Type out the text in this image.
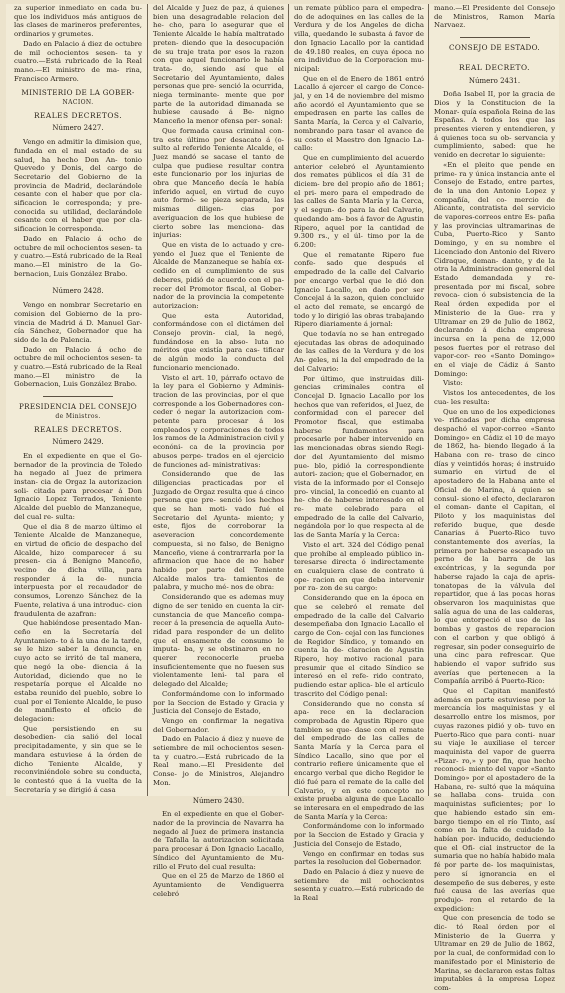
za superior inmediato en cada bu- que los individuos más antiguos de las clases de marineros preferentes, ordinarios y grumetes.

Dado en Palacio á diez de octubre de mil ochocientos sesen- ta y cuatro.—Está rubricado de la Real mano.—El ministro de ma- rina, Francisco Armero.

MINISTERIO DE LA GOBER-
NACION.
REALES DECRETOS.
Número 2427.

Vengo en admitir la dimision que, fundada en el mal estado de su salud, ha hecho Don An- tonio Quevedo y Donis, del cargo de Secretario del Gobierno de la provincia de Madrid, declarándole cesante con el haber que por cla- sificacion le corresponda; y pre- conocida su utilidad, declarándole cesante con el haber que por cla- sificacion le corresponda.

Dado en Palacio á ocho de octubre de mil ochocientos sesen- ta y cuatro.—Está rubricado de la Real mano.—El ministro de la Go- bernacion, Luis González Brabo.

Número 2428.

Vengo en nombrar Secretario en comision del Gobierno de la pro- vincia de Madrid á D. Manuel Gar- cía Sánchez, Gobernador que ha sido de la de Palencia.

Dado en Palacio á ocho de octubre de mil ochocientos sesen- ta y cuatro.—Está rubricado de la Real mano.—El ministro de la Gobernacion, Luis González Brabo.

PRESIDENCIA DEL CONSEJO
de Ministros.
REALES DECRETOS.
Número 2429.

En el expediente en que el Go- bernador de la provincia de Toledo ha negado al Juez de primera instan- cia de Orgaz la autorizacion soli- citada para procesar á Don Ignacio Lopez Terrados, Teniente Alcalde del pueblo de Manzaneque, del cual re- sulta:

Que el dia 8 de marzo último el Teniente Alcalde de Manzaneque, en virtud de oficio de despacho del Alcalde, hizo comparecer á su presen- cia á Benigno Manceño, vecino de dicha villa, para responder á la de- nuncia interpuesta por el recaudador de consumos, Lorenzo Sánchez de la Fuente, relativa á una introduc- cion fraudulenta de azafran:

Que habiéndose presentado Man- ceño en la Secretaría del Ayuntamien- to á la una de la tarde, se le hizo saber la denuncia, en cuyo acto se irritó de tal manera, que negó la obe- diencia á la Autoridad, diciendo que no le respetaría porque el Alcalde no estaba reunido del pueblo, sobre lo cual por el Teniente Alcalde, le puso de manifiesto el oficio de delegacion:

Que persistiendo en su desobedien- cia salió del local precipitadamente, y sin que se le mandara estuviese á la órden de dicho Teniente Alcalde, y reconviniéndole sobre su conducta, le contestó que á la vuelta de la Secretaría y se dirigió á casa

del Alcalde y Juez de paz, á quienes bien una desagradable relacion del he- cho, para lo asegurar que el Teniente Alcalde le había maltratado preten- diendo que la desocupación de su traje trata por esos la razon con que aquel funcionario le había trata- do, siendo así que el Secretario del Ayuntamiento, dales personas que pre- senció la ocurrida, niega terminante- mente que por parte de la autoridad dimanada se hubiese causado á Be- nigno Manceño la menor ofensa per- sonal:

Que formada causa criminal con- tra este último por desacato á (o- sulto al referido Teniente Alcalde, el Juez mandó se sacase el tanto de culpa que pudiese resultar contra este funcionario por los injurias de obra que Manceño decía le había inferido aquel, en virtud de cuyo auto formó- se pieza separada, las mismas diligen- cias por averiguacion de los que hubiese de cierto sobre las menciona- das injurias:

Que en vista de lo actuado y cre- yendo el Juez que el Teniente de Alcalde de Manzaneque se había ex- cedido en el cumplimiento de sus deberes, pidió de acuerdo con el pa- recer del Promotor fiscal, al Gober- nador de la provincia la competente autorizacion:

Que esta Autoridad, conformándose con el dictámen del Consejo provin- cial, la negó, fundándose en la abso- luta no méritos que existía para cas- tificar de algún modo la conducta del funcionario mencionado.

Visto el art. 10, párrafo octavo de la ley para el Gobierno y Adminis- tracion de las provincias, por el que corresponde a los Gobernadores con- ceder ó negar la autorizacion com- petente para procesar á los empleados y corporaciones de todos los ramos de la Administracion civil y econóni- ca de la provincia por abusos perpe- trados en el ejercicio de funciones ad- ministrativas:

Considerando que de las diligencias practicadas por el Juzgado de Orgaz resulta que á cinco persona que pre- senció los hechos que se han moti- vado fué el Secretario del Ayunta- miento; y este, fijos de corroborar la aseveracion concordemente compuesta, si no falso, de Benigno Manceño, viene á contrarrarla por la afirmacion que hace de no haber habido por parte del Teniente Alcalde malos tra- tamientos de palabra, y mucho mé- nos de obra:

Considerando que es ademas muy digno de ser tenido en cuenta la cir- cunstancia de que Manceño compa- recer á la presencia de aquella Auto- ridad para responder de un delito que el ensamente de consumo le imputa- ba, y se obstinaron en no querer reconocerle prueba insuficientemente que no fuesen sus violentamente leni- tal para el delegado del Alcalde;

Conformándome con lo informado por la Seccion de Estado y Gracia y Justicia del Consejo de Estado,

Vengo en confirmar la negativa del Gobernador.

Dado en Palacio á diez y nueve de setiembre de mil ochocientos sesen- ta y cuatro.—Está rubricado de la Real mano.—El Presidente del Conse- jo de Ministros, Alejandro Mon.

Número 2430.

En el expediente en que el Gober- nador de la provincia de Navarra ha negado al Juez de primera instancia de Tafalla la autorizacion solicitada para procesar á Don Ignacio Lacallo, Síndico del Ayuntamiento de Mu- rillo el Fruto del cual resulta:

Que en el 25 de Marzo de 1860 el Ayuntamiento de Vendiguerra celebró

un remate público para el empedra- do de adoquines en las calles de la Verdura y de los Angeles de dicha villa, quedando le subasta á favor de don Ignacio Lacallo por la cantidad de 49.180 reales, en cuya época no era individuo de la Corporacion mu- nicipal:

Que en el de Enero de 1861 entró Lacallo á ejercer el cargo de Conce- jal, y en 14 de noviembre del mismo año acordó el Ayuntamiento que se empedrasen en parte las calles de Santa María, la Cerca y el Calvario, nombrando para tasar el avance de su costo el Maestro don Ignacio La- callo:

Que en cumplimiento del acuerdo anterior celebró el Ayuntamiento dos remates públicos el día 31 de diciem- bre del propio año de 1861; el pri- mero para el empedrado de las calles de Santa María y la Cerca, y el segun- do para la del Calvario, quedando am- bos á favor de Agustin Ripero, aquel por la cantidad de 9.300 rs., y el úl- timo por la de 6.200:

Que el rematante Ripero fue confe- sado que después el empedrado de la calle del Calvario por encargo verbal que le dió don Ignacio Lacallo, en dado por ser Concejal á la sazon, quien concluido el acto del remate, se encargó de todo y lo dirigió las obras trabajando Ripero diariamente á jornal:

Que todavía no se han entregado ejecutadas las obras de adoquinado de las calles de la Verdura y de los An- geles, ni la del empedrado de la del Calvario:

Por último, que instruidas dili- gencias criminales contra el Concejal D. Ignacio Lacallo por los hechos que van referidos, el Juez, de conformidad con el parecer del Promotor fiscal, que estimaba haberse fundamentos para procesarle por haber intervenido en las mencionadas obras siendo Regi- dor del Ayuntamiento del mismo pue- blo, pidió la correspondiente autori- zacion; que el Gobernador, en vista de la informado por el Consejo pro- vincial, la concedió en cuanto al he- cho de haberse interesado en el re- mate celebrado para el empedrado de la calle del Calvario, negándola por lo que respecta al de las de Santa María y la Cerca:

Visto el art. 324 del Código penal que prohíbe al empleado público in- teresarse directa ó indirectamente en cualquiera clase de contrato ú ope- racion en que deba intervenir por ra- zon de su cargo:

Considerando que en la época en que se celebró el remate del empedrado de la calle del Calvario desempeñaba don Ignacio Lacallo el cargo de Con- cejal con las funciones de Regidor Síndico, y tomando en cuenta la de- claracion de Agustin Ripero, hoy motivo racional para presumir que el citado Síndico se interesó en el refe- rido contrato, pudiendo estar aplica- ble el artículo trascrito del Código penal:

Considerando que no consta sí apa- rece en la declaracion comprobada de Agustin Ripero que tambien se que- dase con el remate del empedrado de las calles de Santa María y la Cerca para el Síndico Lacallo, sino que por el contrario refiere únicamente que el encargo verbal que dicho Regidor le dió fué para el remate de la calle del Calvario, y en este concepto no existe prueba alguna de que Lacallo se interesara en el empedrado de las de Santa María y la Cerca:

Conformándome con lo informado por la Seccion de Estado y Gracia y Justicia del Consejo de Estado,

Vengo en confirmar en todas sus partes la resolucion del Gobernador.

Dado en Palacio á diez y nueve de setiembre de mil ochocientos sesenta y cuatro.—Está rubricado de la Real

mano.—El Presidente del Consejo de Ministros, Ramon María Narvaez.

CONSEJO DE ESTADO.
REAL DECRETO.
Número 2431.

Doña Isabel II, por la gracia de Dios y la Constitucion de la Monar- quía española Reina de las Españas. A todos los que las presentes vieren y entendieren, y á quienes toca su ob- servancia y cumplimiento, sabed: que he venido en decretar lo siguiente:

«En el pleito que pende en prime- ra y única instancia ante el Consejo de Estado, entre partes, de la una don Antonio Lopez y compañía, del co- mercio de Alicante, contratista del servicio de vapores-correos entre Es- paña y las provincias ultramarinas de Cuba, Puerto-Rico y Santo Domingo, y en su nombre el Licenciado don Antonio del Rivero Cidraque, deman- dante, y de la otra la Administracion general del Estado demandada y re- presentada por mi fiscal, sobre revoca- cion ó subsistencia de la Real órden expedida por el Ministerio de la Gue- rra y Ultramar en 29 de Julio de 1862, declarando á dicha empresa incursa en la pena de 12,000 pesos fuertes por el retraso del vapor-cor- reo «Santo Domingo» en el viaje de Cádiz á Santo Domingo:

Visto:

Vistos los antecedentes, de los cua- les resulta:

Que en uno de los expediciones ve- rificadas por dicha empresa despachó el vapor-correo «Santo Domingo» en Cádiz el 10 de mayo de 1862, ha- biendo llegado á la Habana con re- traso de cinco días y veintidós horas; é instruido sumario en virtud de el apostadero de la Habana ante el Oficial de Marina, á quien se consul- siono el efecto, declararon el coman- dante el Capitan, el Piloto y los maquinistas del referido buque, que desde Canarias á Puerto-Rico tuvo constantemente dos averías, la primera por haberse escapado un perno de la barra de las excéntricas, y la segunda por haberse rajado la caja de apris- tonatopas de la válvula del repartidor, que á las pocas horas observaron los maquinistas que salía agua de una de las calderas, lo que entorpeció el uso de las bombas y gastos de reparacion con el carbon y que obligó á regresar, sin poder conseguirlo de una cinc para refrescar. Que habiendo el vapor sufrido sus averías que pertenecen a la Compañía arribó á Puerto-Rico:

Que el Capitan manifestó además en parte estuviese por la mercancía los maquinistas y el desarrollo entre los mismos, por cuyas razones pidió y ob- tuvo en Puerto-Rico que para conti- nuar su viaje le auxiliase el tercer maquinista del vapor de guerra «Pizar- ro,» y por fin, que hecho reconoci- miento del vapor «Santo Domingo» por el apostadero de la Habana, re- sultó que la máquina se hallaba cons- truida con maquinistas suficientes; por lo que habiendo estado sin em- bargo tiempo en el río Tinto, así como en la falta de cuidado la habían por- inducido, deduciendo que el Ofi- cial instructor de la sumaria que no había habido mala fé por parte de- los maquinistas, pero sí ignorancia en el desempeño de sus deberes, y este fué causa de las averías que produjo- ron el retardo de la expedicion:

Que con presencia de todo se dic- tó Real órden por el Ministerio de la Guerra y Ultramar en 29 de Julio de 1862, por la cual, de conformidad con lo manifestado por el Ministerio de Marina, se declararon estas faltas imputables á la empresa Lopez com-
